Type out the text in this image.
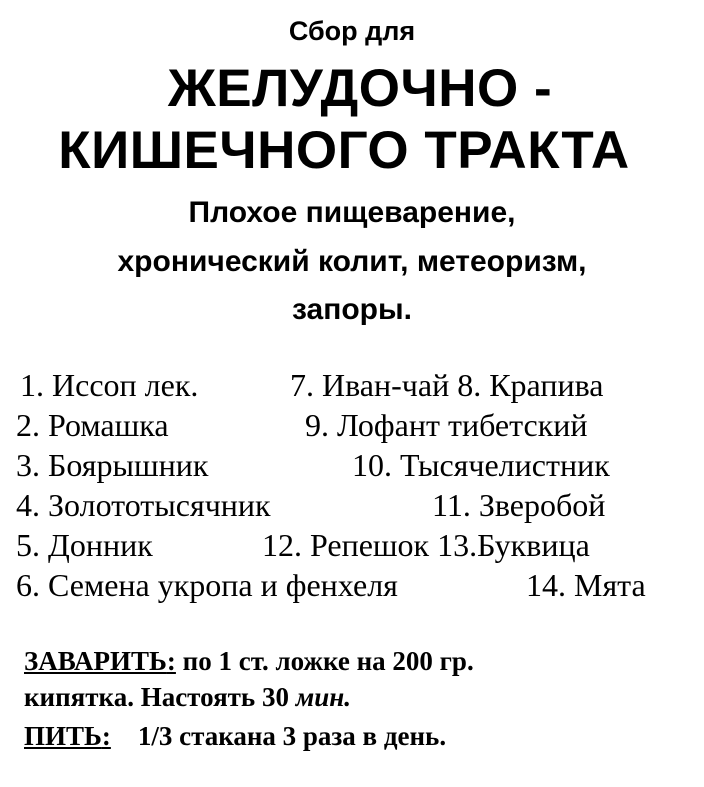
Сбор для
ЖЕЛУДОЧНО -
КИШЕЧНОГО ТРАКТА
Плохое пищеварение,
хронический колит, метеоризм,
запоры.
1. Иссоп лек.	7. Иван-чай 8. Крапива
2. Ромашка	9. Лофант тибетский
3. Боярышник	10. Тысячелистник
4. Золототысячник	11. Зверобой
5. Донник	12. Репешок 13.Буквица
6. Семена укропа и фенхеля	14. Мята
ЗАВАРИТЬ: по 1 ст. ложке на 200 гр.
кипятка. Настоять 30 мин.
ПИТЬ:    1/3 стакана 3 раза в день.
